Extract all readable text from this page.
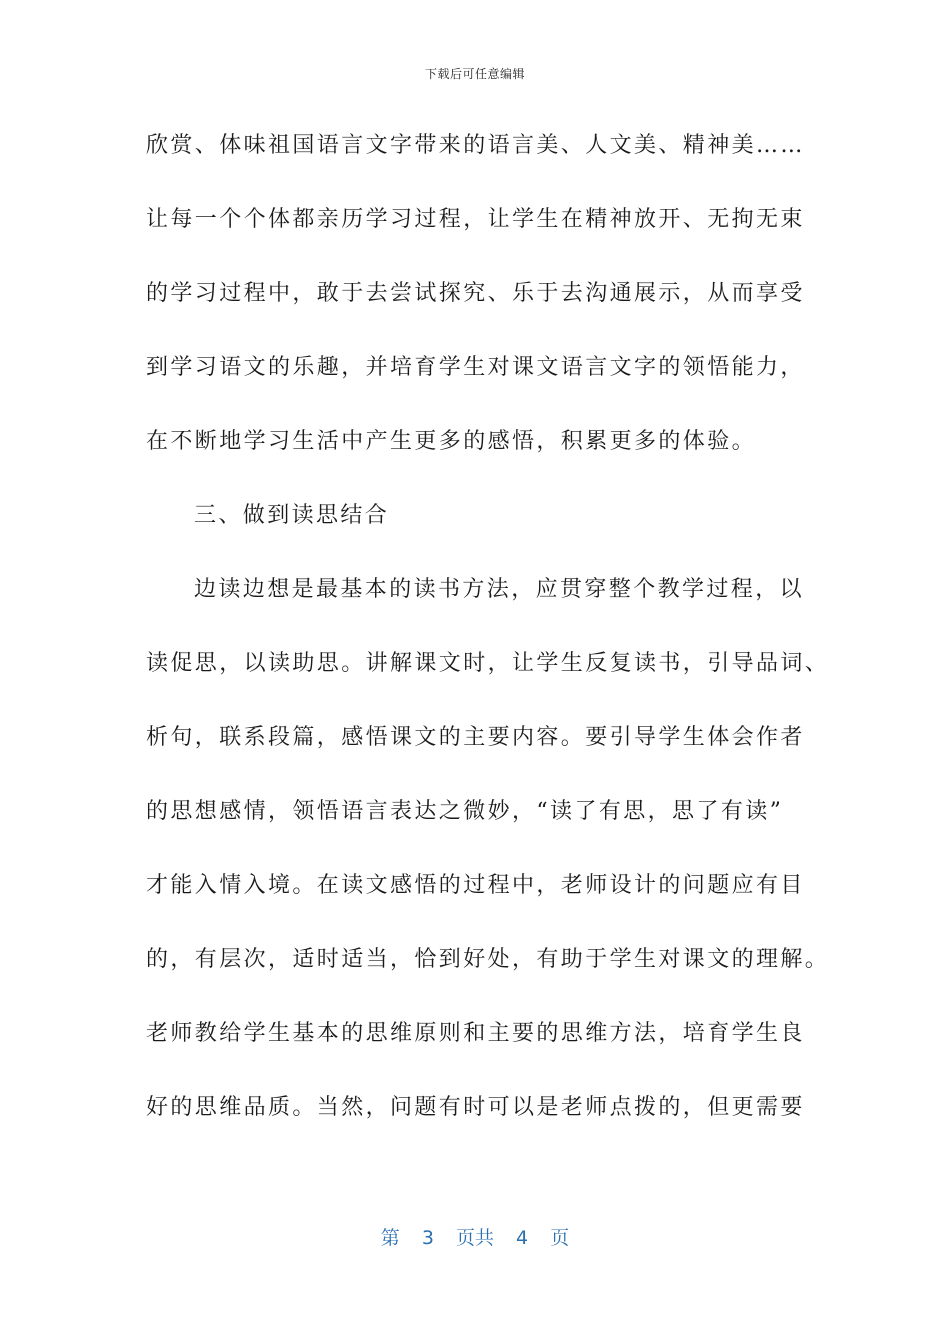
下载后可任意编辑
欣赏、体味祖国语言文字带来的语言美、人文美、精神美……
让每一个个体都亲历学习过程，让学生在精神放开、无拘无束
的学习过程中，敢于去尝试探究、乐于去沟通展示，从而享受
到学习语文的乐趣，并培育学生对课文语言文字的领悟能力，
在不断地学习生活中产生更多的感悟，积累更多的体验。
三、做到读思结合
边读边想是最基本的读书方法，应贯穿整个教学过程，以
读促思，以读助思。讲解课文时，让学生反复读书，引导品词、
析句，联系段篇，感悟课文的主要内容。要引导学生体会作者
的思想感情，领悟语言表达之微妙，“读了有思，思了有读”
才能入情入境。在读文感悟的过程中，老师设计的问题应有目
的，有层次，适时适当，恰到好处，有助于学生对课文的理解。
老师教给学生基本的思维原则和主要的思维方法，培育学生良
好的思维品质。当然，问题有时可以是老师点拨的，但更需要
第 3 页共 4 页
